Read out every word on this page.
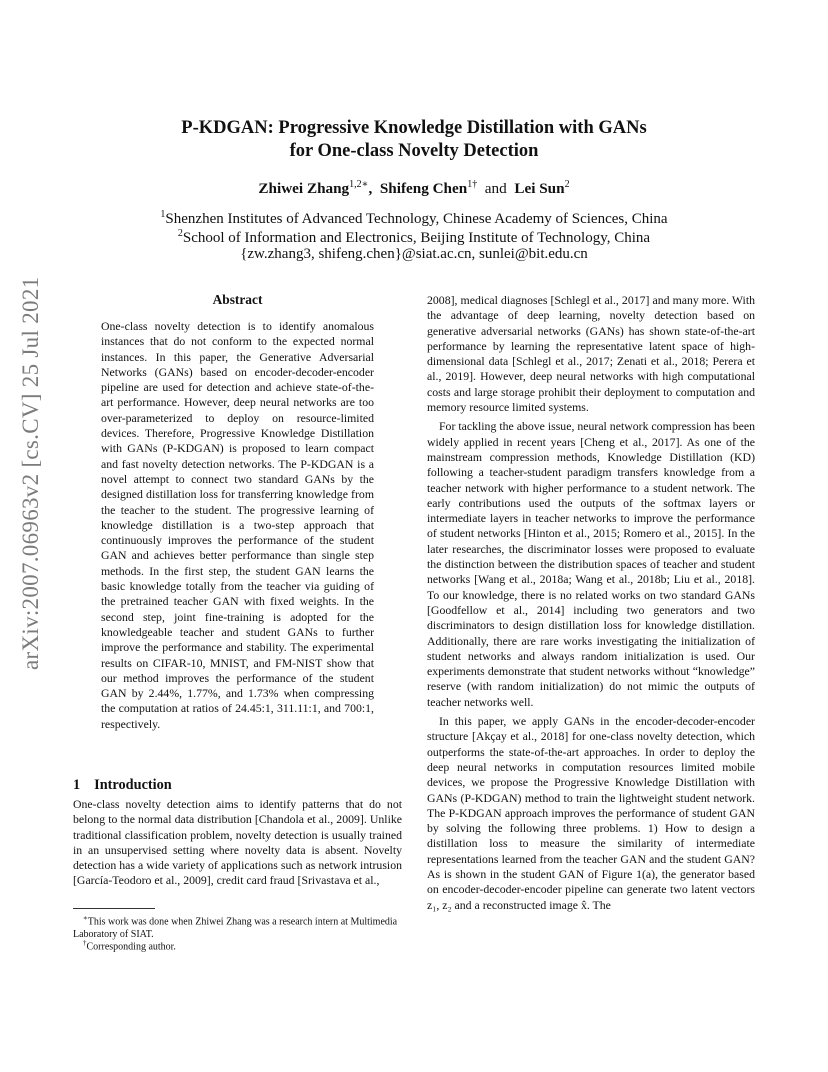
P-KDGAN: Progressive Knowledge Distillation with GANs
for One-class Novelty Detection
Zhiwei Zhang$^{1,2∗}$, Shifeng Chen$^{1\dagger}$ and Lei Sun$^2$
$^1$Shenzhen Institutes of Advanced Technology, Chinese Academy of Sciences, China
$^2$School of Information and Electronics, Beijing Institute of Technology, China
{zw.zhang3, shifeng.chen}@siat.ac.cn, sunlei@bit.edu.cn
arXiv:2007.06963v2 [cs.CV] 25 Jul 2021	Abstract

One-class novelty detection is to identify anomalous instances that do not conform to the expected normal instances. In this paper, the Generative Adversarial Networks (GANs) based on encoder-decoder-encoder pipeline are used for detection and achieve state-of-the-art performance. However, deep neural networks are too over-parameterized to deploy on resource-limited devices. Therefore, Progressive Knowledge Distillation with GANs (P-KDGAN) is proposed to learn compact and fast novelty detection networks. The P-KDGAN is a novel attempt to connect two standard GANs by the designed distillation loss for transferring knowledge from the teacher to the student. The progressive learning of knowledge distillation is a two-step approach that continuously improves the performance of the student GAN and achieves better performance than single step methods. In the first step, the student GAN learns the basic knowledge totally from the teacher via guiding of the pretrained teacher GAN with fixed weights. In the second step, joint fine-training is adopted for the knowledgeable teacher and student GANs to further improve the performance and stability. The experimental results on CIFAR-10, MNIST, and FM-NIST show that our method improves the performance of the student GAN by 2.44%, 1.77%, and 1.73% when compressing the computation at ratios of 24.45:1, 311.11:1, and 700:1, respectively.

1 Introduction

One-class novelty detection aims to identify patterns that do not belong to the normal data distribution [Chandola et al., 2009]. Unlike traditional classification problem, novelty detection is usually trained in an unsupervised setting where novelty data is absent. Novelty detection has a wide variety of applications such as network intrusion [García-Teodoro et al., 2009], credit card fraud [Srivastava et al.,

∗This work was done when Zhiwei Zhang was a research intern at Multimedia Laboratory of SIAT.
†Corresponding author.

2008], medical diagnoses [Schlegl et al., 2017] and many more. With the advantage of deep learning, novelty detection based on generative adversarial networks (GANs) has shown state-of-the-art performance by learning the representative latent space of high-dimensional data [Schlegl et al., 2017; Zenati et al., 2018; Perera et al., 2019]. However, deep neural networks with high computational costs and large storage prohibit their deployment to computation and memory resource limited systems.

For tackling the above issue, neural network compression has been widely applied in recent years [Cheng et al., 2017]. As one of the mainstream compression methods, Knowledge Distillation (KD) following a teacher-student paradigm transfers knowledge from a teacher network with higher performance to a student network. The early contributions used the outputs of the softmax layers or intermediate layers in teacher networks to improve the performance of student networks [Hinton et al., 2015; Romero et al., 2015]. In the later researches, the discriminator losses were proposed to evaluate the distinction between the distribution spaces of teacher and student networks [Wang et al., 2018a; Wang et al., 2018b; Liu et al., 2018]. To our knowledge, there is no related works on two standard GANs [Goodfellow et al., 2014] including two generators and two discriminators to design distillation loss for knowledge distillation. Additionally, there are rare works investigating the initialization of student networks and always random initialization is used. Our experiments demonstrate that student networks without “knowledge” reserve (with random initialization) do not mimic the outputs of teacher networks well.

In this paper, we apply GANs in the encoder-decoder-encoder structure [Akçay et al., 2018] for one-class novelty detection, which outperforms the state-of-the-art approaches. In order to deploy the deep neural networks in computation resources limited mobile devices, we propose the Progressive Knowledge Distillation with GANs (P-KDGAN) method to train the lightweight student network. The P-KDGAN approach improves the performance of student GAN by solving the following three problems. 1) How to design a distillation loss to measure the similarity of intermediate representations learned from the teacher GAN and the student GAN? As is shown in the student GAN of Figure 1(a), the generator based on encoder-decoder-encoder pipeline can generate two latent vectors z₁, z₂ and a reconstructed image x̂. The
